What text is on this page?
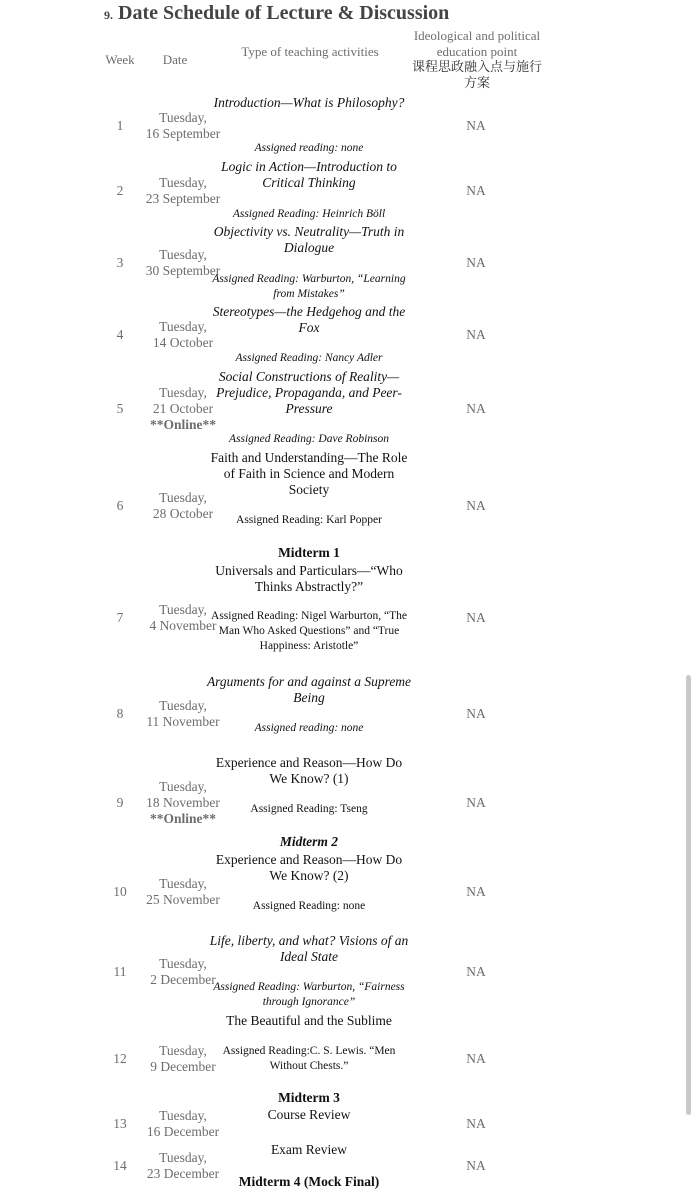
9. Date Schedule of Lecture & Discussion
Week	Date
Type of teaching activities
Ideological and political education point
课程思政融入点与施行方案
1
Tuesday,
16 September
NA
Introduction—What is Philosophy?
Assigned reading: none
2
Tuesday,
23 September
NA
Logic in Action—Introduction to Critical Thinking
Assigned Reading: Heinrich Böll
3
Tuesday,
30 September
NA
Objectivity vs. Neutrality—Truth in Dialogue
Assigned Reading: Warburton, “Learning from Mistakes”
4
Tuesday,
14 October
NA
Stereotypes—the Hedgehog and the Fox
Assigned Reading: Nancy Adler
5
Tuesday,
21 October
**Online**
NA
Social Constructions of Reality—Prejudice, Propaganda, and Peer-Pressure
Assigned Reading: Dave Robinson
6
Tuesday,
28 October
NA
Faith and Understanding—The Role of Faith in Science and Modern Society
Assigned Reading: Karl Popper
Midterm 1
7
Tuesday,
4 November
NA
Universals and Particulars—“Who Thinks Abstractly?”
Assigned Reading: Nigel Warburton, “The Man Who Asked Questions” and “True Happiness: Aristotle”
8
Tuesday,
11 November
NA
Arguments for and against a Supreme Being
Assigned reading: none
9
Tuesday,
18 November
**Online**
NA
Experience and Reason—How Do We Know? (1)
Assigned Reading: Tseng
Midterm 2
10
Tuesday,
25 November
NA
Experience and Reason—How Do We Know? (2)
Assigned Reading: none
11
Tuesday,
2 December
NA
Life, liberty, and what? Visions of an Ideal State
Assigned Reading: Warburton, “Fairness through Ignorance”
12
Tuesday,
9 December
NA
The Beautiful and the Sublime
Assigned Reading:C. S. Lewis. “Men Without Chests.”
Midterm 3
13
Tuesday,
16 December
NA
Course Review
14
Tuesday,
23 December
NA
Exam Review
Midterm 4 (Mock Final)
